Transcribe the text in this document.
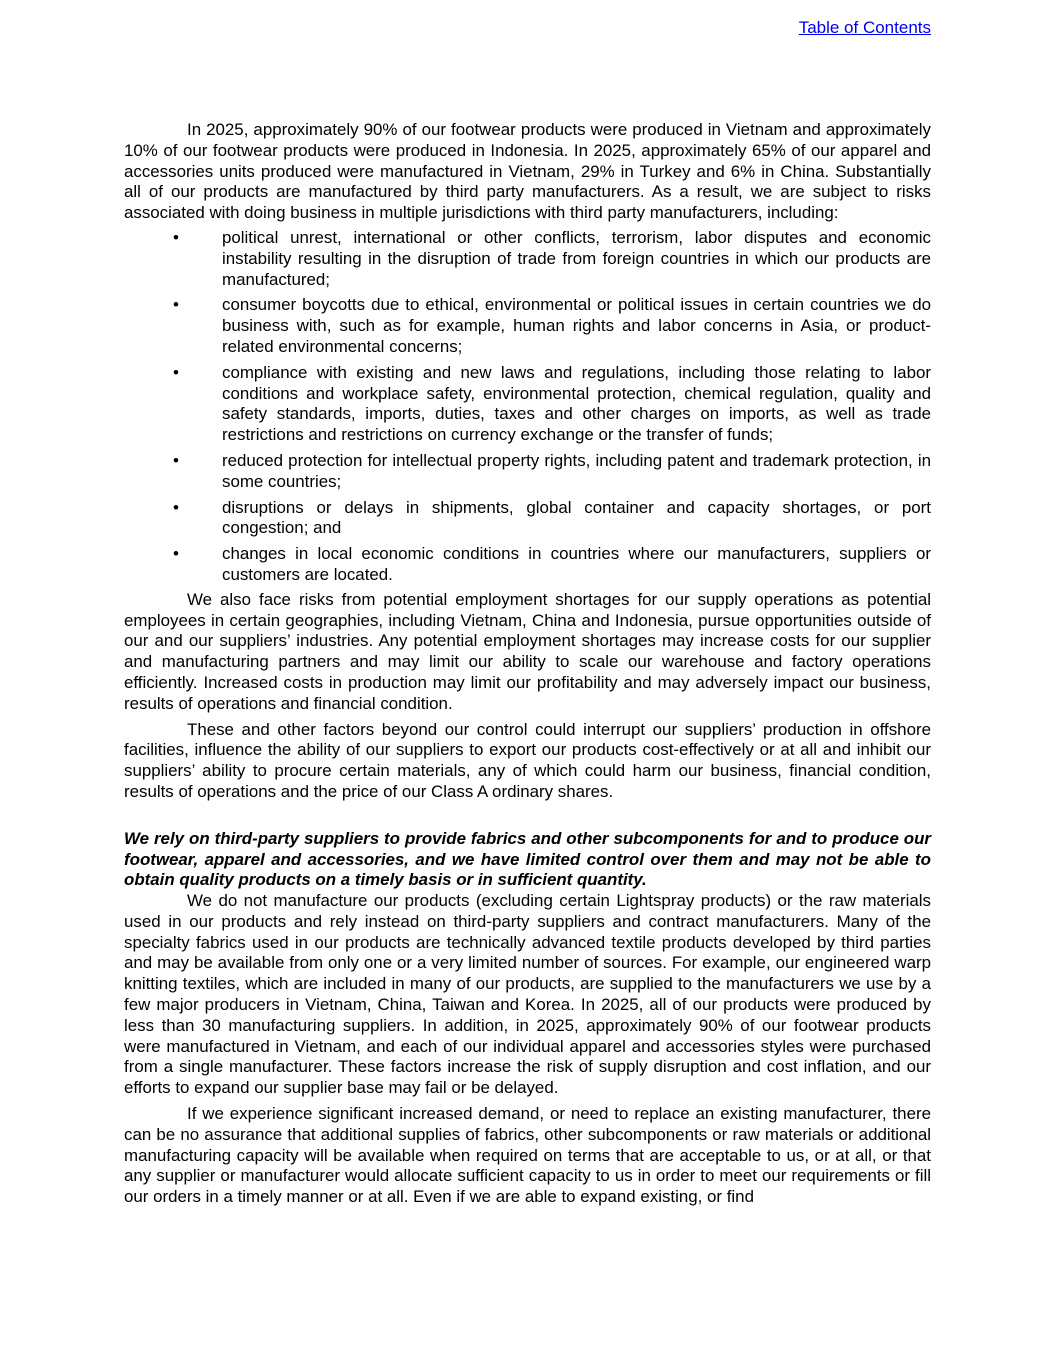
Table of Contents

In 2025, approximately 90% of our footwear products were produced in Vietnam and approximately 10% of our footwear products were produced in Indonesia. In 2025, approximately 65% of our apparel and accessories units produced were manufactured in Vietnam, 29% in Turkey and 6% in China. Substantially all of our products are manufactured by third party manufacturers. As a result, we are subject to risks associated with doing business in multiple jurisdictions with third party manufacturers, including:

•	political unrest, international or other conflicts, terrorism, labor disputes and economic instability resulting in the disruption of trade from foreign countries in which our products are manufactured;
•	consumer boycotts due to ethical, environmental or political issues in certain countries we do business with, such as for example, human rights and labor concerns in Asia, or product-related environmental concerns;
•	compliance with existing and new laws and regulations, including those relating to labor conditions and workplace safety, environmental protection, chemical regulation, quality and safety standards, imports, duties, taxes and other charges on imports, as well as trade restrictions and restrictions on currency exchange or the transfer of funds;
•	reduced protection for intellectual property rights, including patent and trademark protection, in some countries;
•	disruptions or delays in shipments, global container and capacity shortages, or port congestion; and
•	changes in local economic conditions in countries where our manufacturers, suppliers or customers are located.

We also face risks from potential employment shortages for our supply operations as potential employees in certain geographies, including Vietnam, China and Indonesia, pursue opportunities outside of our and our suppliers’ industries. Any potential employment shortages may increase costs for our supplier and manufacturing partners and may limit our ability to scale our warehouse and factory operations efficiently. Increased costs in production may limit our profitability and may adversely impact our business, results of operations and financial condition.

These and other factors beyond our control could interrupt our suppliers’ production in offshore facilities, influence the ability of our suppliers to export our products cost-effectively or at all and inhibit our suppliers’ ability to procure certain materials, any of which could harm our business, financial condition, results of operations and the price of our Class A ordinary shares.

We rely on third-party suppliers to provide fabrics and other subcomponents for and to produce our footwear, apparel and accessories, and we have limited control over them and may not be able to obtain quality products on a timely basis or in sufficient quantity.

We do not manufacture our products (excluding certain Lightspray products) or the raw materials used in our products and rely instead on third-party suppliers and contract manufacturers. Many of the specialty fabrics used in our products are technically advanced textile products developed by third parties and may be available from only one or a very limited number of sources. For example, our engineered warp knitting textiles, which are included in many of our products, are supplied to the manufacturers we use by a few major producers in Vietnam, China, Taiwan and Korea. In 2025, all of our products were produced by less than 30 manufacturing suppliers. In addition, in 2025, approximately 90% of our footwear products were manufactured in Vietnam, and each of our individual apparel and accessories styles were purchased from a single manufacturer. These factors increase the risk of supply disruption and cost inflation, and our efforts to expand our supplier base may fail or be delayed.

If we experience significant increased demand, or need to replace an existing manufacturer, there can be no assurance that additional supplies of fabrics, other subcomponents or raw materials or additional manufacturing capacity will be available when required on terms that are acceptable to us, or at all, or that any supplier or manufacturer would allocate sufficient capacity to us in order to meet our requirements or fill our orders in a timely manner or at all. Even if we are able to expand existing, or find
